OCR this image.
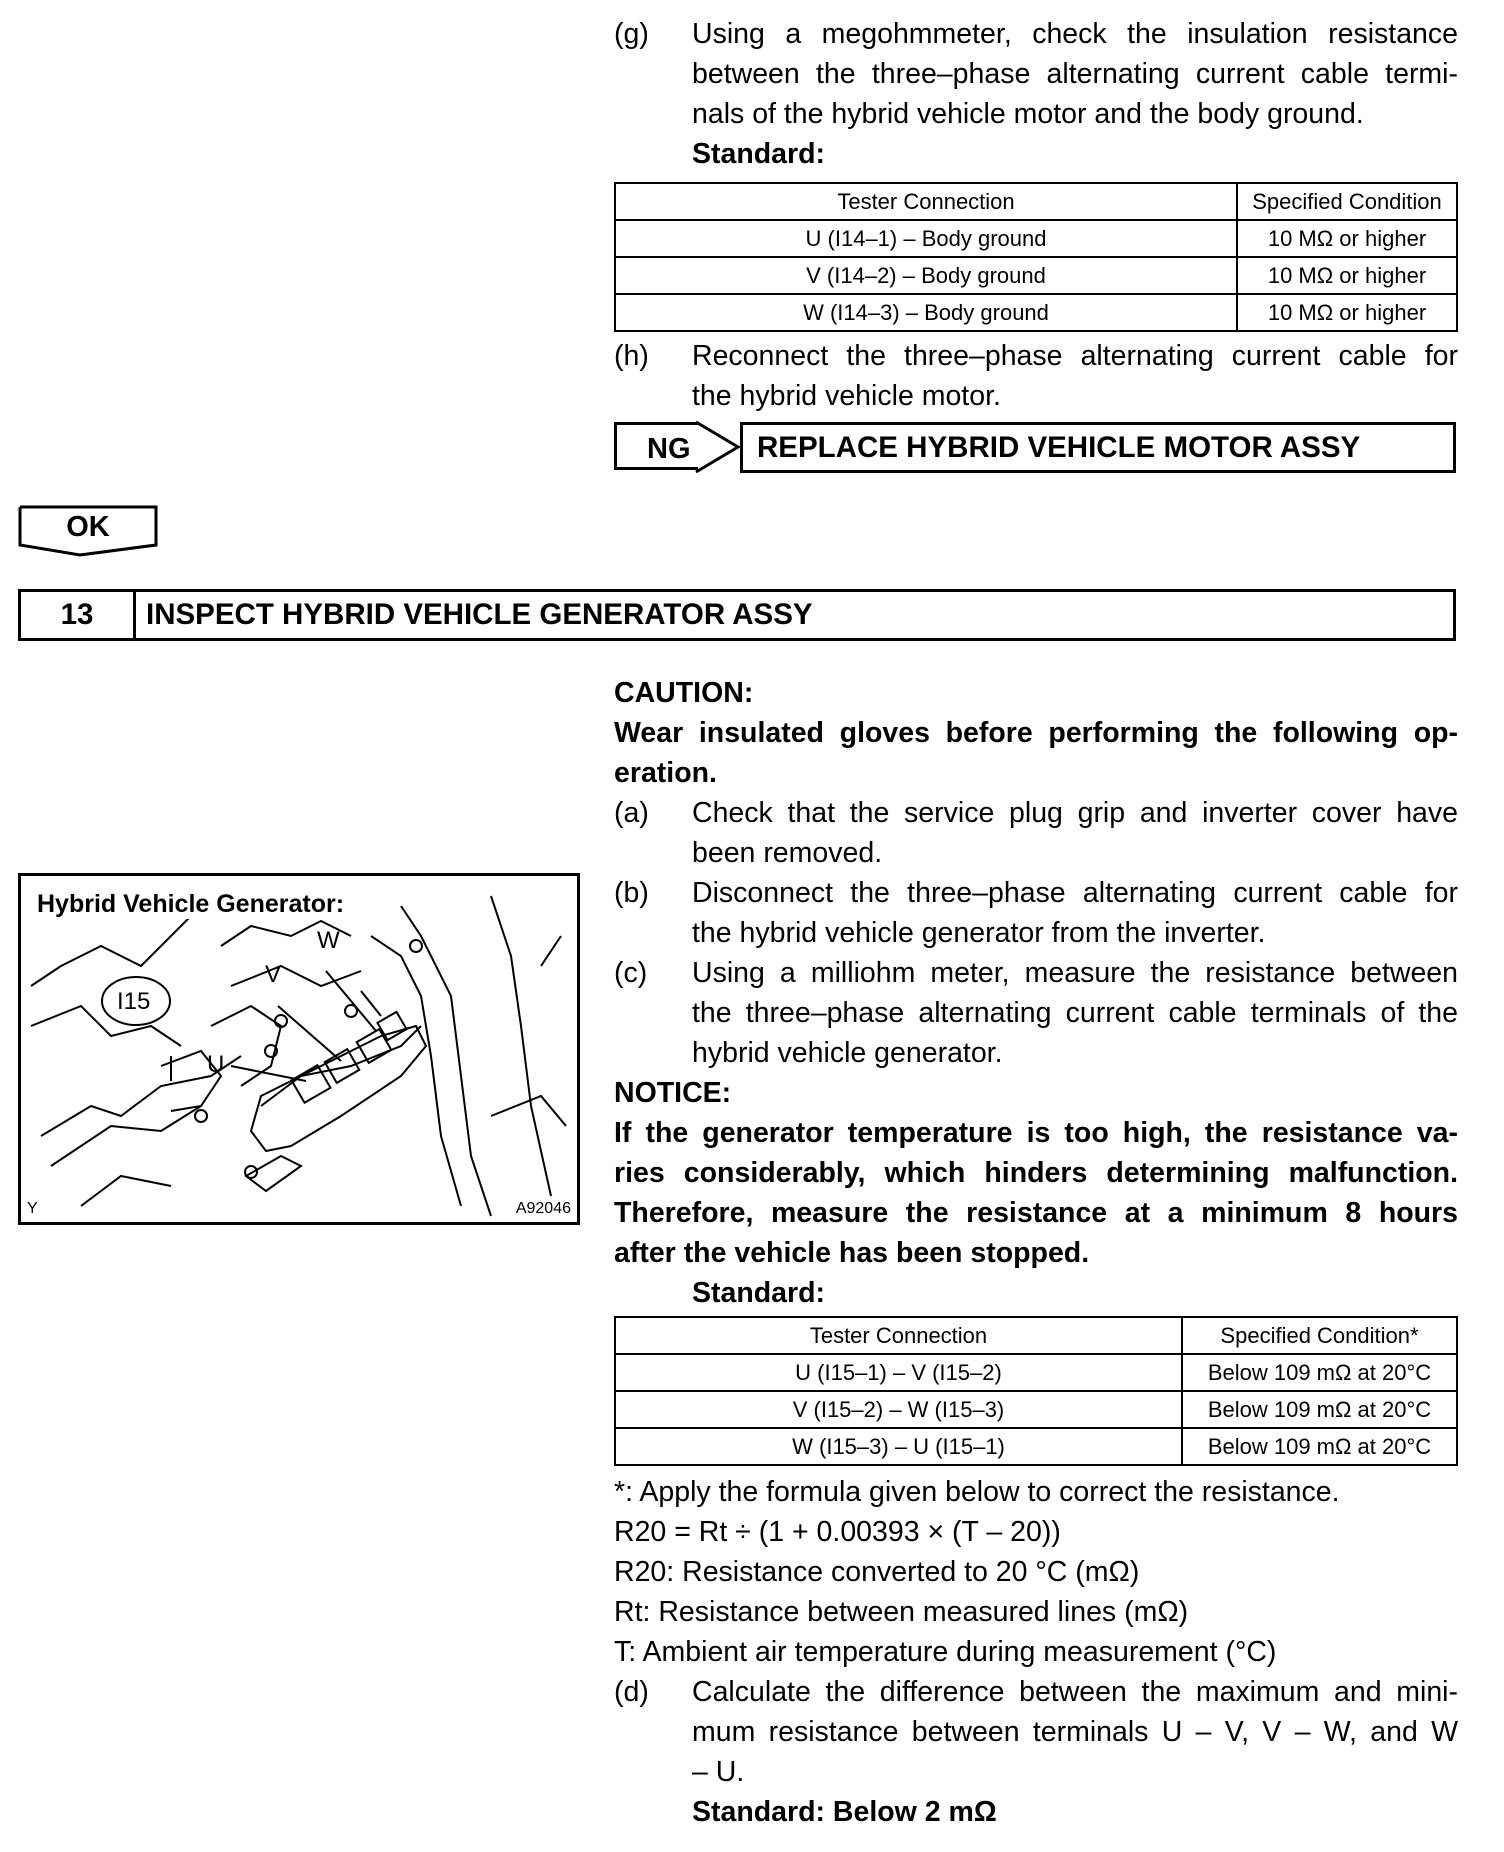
(g)	Using a megohmmeter, check the insulation resistance
between the three–phase alternating current cable termi-
nals of the hybrid vehicle motor and the body ground.
Standard:
Tester Connection	Specified Condition
U (I14–1) – Body ground	10 MΩ or higher
V (I14–2) – Body ground	10 MΩ or higher
W (I14–3) – Body ground	10 MΩ or higher
(h)	Reconnect the three–phase alternating current cable for
the hybrid vehicle motor.
NG	REPLACE HYBRID VEHICLE MOTOR ASSY
OK
13	INSPECT HYBRID VEHICLE GENERATOR ASSY
CAUTION:
Wear insulated gloves before performing the following op-
eration.
(a)	Check that the service plug grip and inverter cover have
been removed.
(b)	Disconnect the three–phase alternating current cable for
the hybrid vehicle generator from the inverter.
(c)	Using a milliohm meter, measure the resistance between
the three–phase alternating current cable terminals of the
hybrid vehicle generator.
NOTICE:
If the generator temperature is too high, the resistance va-
ries considerably, which hinders determining malfunction.
Therefore, measure the resistance at a minimum 8 hours
after the vehicle has been stopped.
Standard:
Tester Connection	Specified Condition*
U (I15–1) – V (I15–2)	Below 109 mΩ at 20°C
V (I15–2) – W (I15–3)	Below 109 mΩ at 20°C
W (I15–3) – U (I15–1)	Below 109 mΩ at 20°C
*: Apply the formula given below to correct the resistance.
R20 = Rt ÷ (1 + 0.00393 × (T – 20))
R20: Resistance converted to 20 °C (mΩ)
Rt: Resistance between measured lines (mΩ)
T: Ambient air temperature during measurement (°C)
(d)	Calculate the difference between the maximum and mini-
mum resistance between terminals U – V, V – W, and W
– U.
Standard: Below 2 mΩ
I15
U
V
W
Hybrid Vehicle Generator:
Y	A92046
